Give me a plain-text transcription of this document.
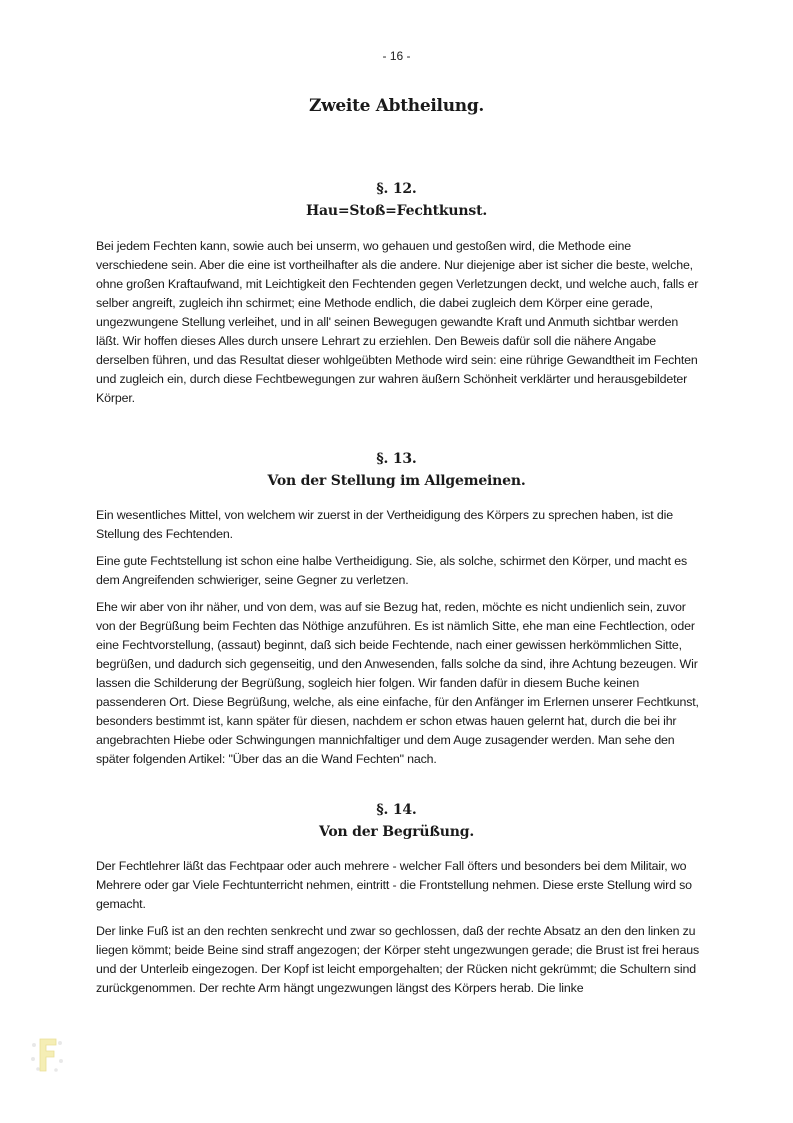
- 16 -
Zweite Abtheilung.
§. 12.
Hau=Stoß=Fechtkunst.

Bei jedem Fechten kann, sowie auch bei unserm, wo gehauen und gestoßen wird, die Methode eine verschiedene sein. Aber die eine ist vortheilhafter als die andere. Nur diejenige aber ist sicher die beste, welche, ohne großen Kraftaufwand, mit Leichtigkeit den Fechtenden gegen Verletzungen deckt, und welche auch, falls er selber angreift, zugleich ihn schirmet; eine Methode endlich, die dabei zugleich dem Körper eine gerade, ungezwungene Stellung verleihet, und in all' seinen Bewegugen gewandte Kraft und Anmuth sichtbar werden läßt. Wir hoffen dieses Alles durch unsere Lehrart zu erziehlen. Den Beweis dafür soll die nähere Angabe derselben führen, und das Resultat dieser wohlgeübten Methode wird sein: eine rührige Gewandtheit im Fechten und zugleich ein, durch diese Fechtbewegungen zur wahren äußern Schönheit verklärter und herausgebildeter Körper.

§. 13.
Von der Stellung im Allgemeinen.

Ein wesentliches Mittel, von welchem wir zuerst in der Vertheidigung des Körpers zu sprechen haben, ist die Stellung des Fechtenden.

Eine gute Fechtstellung ist schon eine halbe Vertheidigung. Sie, als solche, schirmet den Körper, und macht es dem Angreifenden schwieriger, seine Gegner zu verletzen.

Ehe wir aber von ihr näher, und von dem, was auf sie Bezug hat, reden, möchte es nicht undienlich sein, zuvor von der Begrüßung beim Fechten das Nöthige anzuführen. Es ist nämlich Sitte, ehe man eine Fechtlection, oder eine Fechtvorstellung, (assaut) beginnt, daß sich beide Fechtende, nach einer gewissen herkömmlichen Sitte, begrüßen, und dadurch sich gegenseitig, und den Anwesenden, falls solche da sind, ihre Achtung bezeugen. Wir lassen die Schilderung der Begrüßung, sogleich hier folgen. Wir fanden dafür in diesem Buche keinen passenderen Ort. Diese Begrüßung, welche, als eine einfache, für den Anfänger im Erlernen unserer Fechtkunst, besonders bestimmt ist, kann später für diesen, nachdem er schon etwas hauen gelernt hat, durch die bei ihr angebrachten Hiebe oder Schwingungen mannichfaltiger und dem Auge zusagender werden. Man sehe den später folgenden Artikel: "Über das an die Wand Fechten" nach.

§. 14.
Von der Begrüßung.

Der Fechtlehrer läßt das Fechtpaar oder auch mehrere - welcher Fall öfters und besonders bei dem Militair, wo Mehrere oder gar Viele Fechtunterricht nehmen, eintritt - die Frontstellung nehmen. Diese erste Stellung wird so gemacht.

Der linke Fuß ist an den rechten senkrecht und zwar so gechlossen, daß der rechte Absatz an den den linken zu liegen kömmt; beide Beine sind straff angezogen; der Körper steht ungezwungen gerade; die Brust ist frei heraus und der Unterleib eingezogen. Der Kopf ist leicht emporgehalten; der Rücken nicht gekrümmt; die Schultern sind zurückgenommen. Der rechte Arm hängt ungezwungen längst des Körpers herab. Die linke
